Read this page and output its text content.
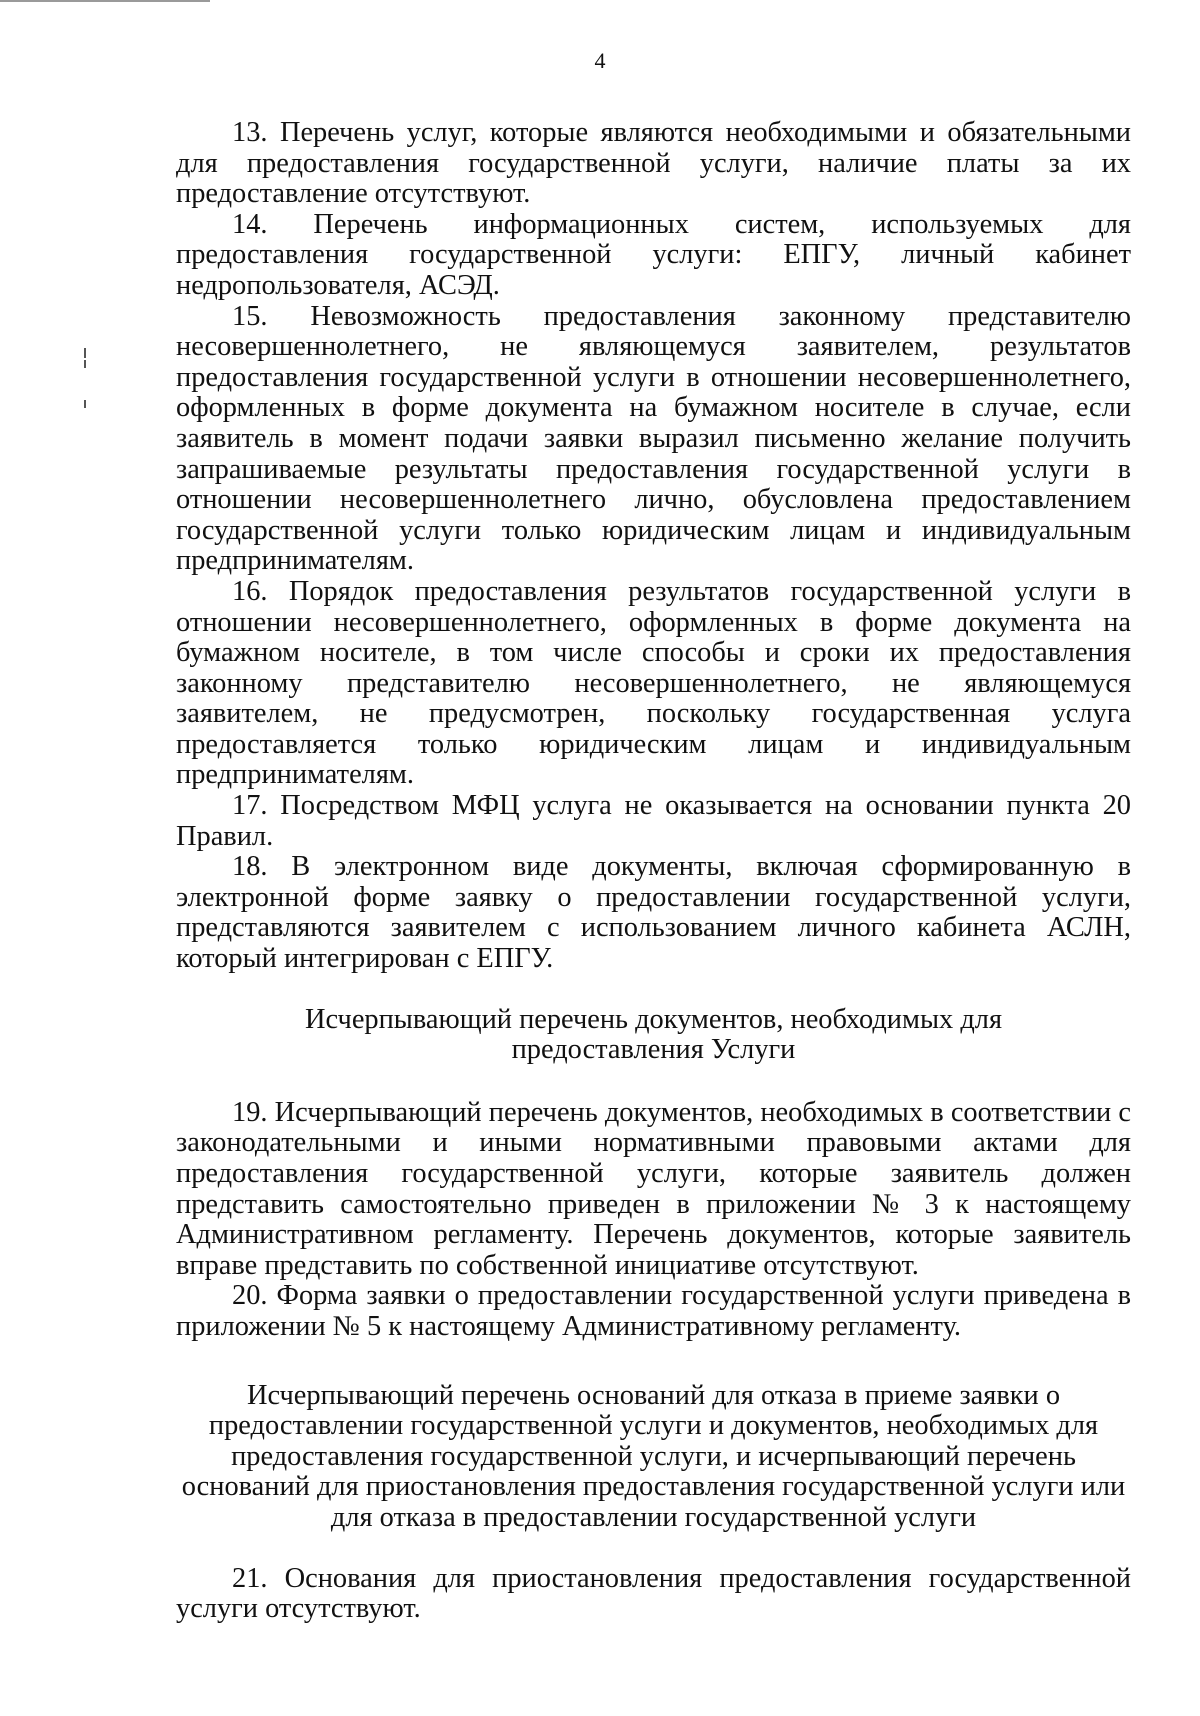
4

13. Перечень услуг, которые являются необходимыми и обязательными для предоставления государственной услуги, наличие платы за их предоставление отсутствуют.

14. Перечень информационных систем, используемых для предоставления государственной услуги: ЕПГУ, личный кабинет недропользователя, АСЭД.

15. Невозможность предоставления законному представителю несовершеннолетнего, не являющемуся заявителем, результатов предоставления государственной услуги в отношении несовершеннолетнего, оформленных в форме документа на бумажном носителе в случае, если заявитель в момент подачи заявки выразил письменно желание получить запрашиваемые результаты предоставления государственной услуги в отношении несовершеннолетнего лично, обусловлена предоставлением государственной услуги только юридическим лицам и индивидуальным предпринимателям.

16. Порядок предоставления результатов государственной услуги в отношении несовершеннолетнего, оформленных в форме документа на бумажном носителе, в том числе способы и сроки их предоставления законному представителю несовершеннолетнего, не являющемуся заявителем, не предусмотрен, поскольку государственная услуга предоставляется только юридическим лицам и индивидуальным предпринимателям.

17. Посредством МФЦ услуга не оказывается на основании пункта 20 Правил.

18. В электронном виде документы, включая сформированную в электронной форме заявку о предоставлении государственной услуги, представляются заявителем с использованием личного кабинета АСЛН, который интегрирован с ЕПГУ.

Исчерпывающий перечень документов, необходимых для
предоставления Услуги

19. Исчерпывающий перечень документов, необходимых в соответствии с законодательными и иными нормативными правовыми актами для предоставления государственной услуги, которые заявитель должен представить самостоятельно приведен в приложении № 3 к настоящему Административном регламенту. Перечень документов, которые заявитель вправе представить по собственной инициативе отсутствуют.

20. Форма заявки о предоставлении государственной услуги приведена в приложении № 5 к настоящему Административному регламенту.

Исчерпывающий перечень оснований для отказа в приеме заявки о
предоставлении государственной услуги и документов, необходимых для
предоставления государственной услуги, и исчерпывающий перечень
оснований для приостановления предоставления государственной услуги или
для отказа в предоставлении государственной услуги

21. Основания для приостановления предоставления государственной услуги отсутствуют.
